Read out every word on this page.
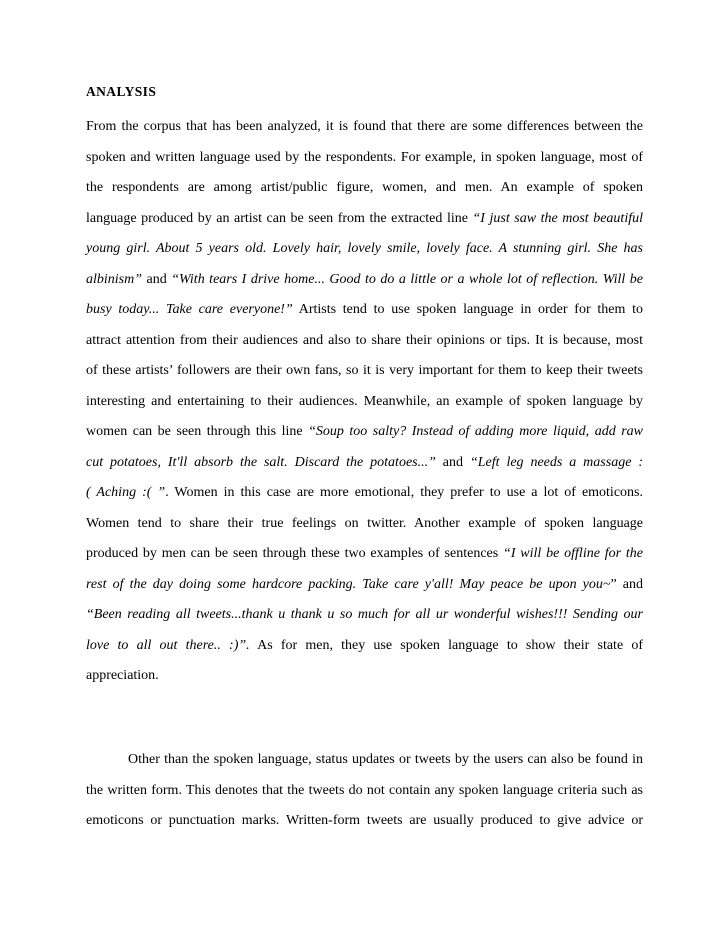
ANALYSIS
From the corpus that has been analyzed, it is found that there are some differences between the
spoken and written language used by the respondents. For example, in spoken language, most of
the respondents are among artist/public figure, women, and men. An example of spoken
language produced by an artist can be seen from the extracted line “I just saw the most beautiful
young girl. About 5 years old. Lovely hair, lovely smile, lovely face. A stunning girl. She has
albinism” and “With tears I drive home... Good to do a little or a whole lot of reflection. Will be
busy today... Take care everyone!” Artists tend to use spoken language in order for them to
attract attention from their audiences and also to share their opinions or tips. It is because, most
of these artists’ followers are their own fans, so it is very important for them to keep their tweets
interesting and entertaining to their audiences. Meanwhile, an example of spoken language by
women can be seen through this line “Soup too salty? Instead of adding more liquid, add raw
cut potatoes, It'll absorb the salt. Discard the potatoes...” and “Left leg needs a massage :
( Aching :( ”. Women in this case are more emotional, they prefer to use a lot of emoticons.
Women tend to share their true feelings on twitter. Another example of spoken language
produced by men can be seen through these two examples of sentences “I will be offline for the
rest of the day doing some hardcore packing. Take care y'all! May peace be upon you~” and
“Been reading all tweets...thank u thank u so much for all ur wonderful wishes!!! Sending our
love to all out there.. :)”. As for men, they use spoken language to show their state of
appreciation.
Other than the spoken language, status updates or tweets by the users can also be found in
the written form. This denotes that the tweets do not contain any spoken language criteria such as
emoticons or punctuation marks. Written-form tweets are usually produced to give advice or
